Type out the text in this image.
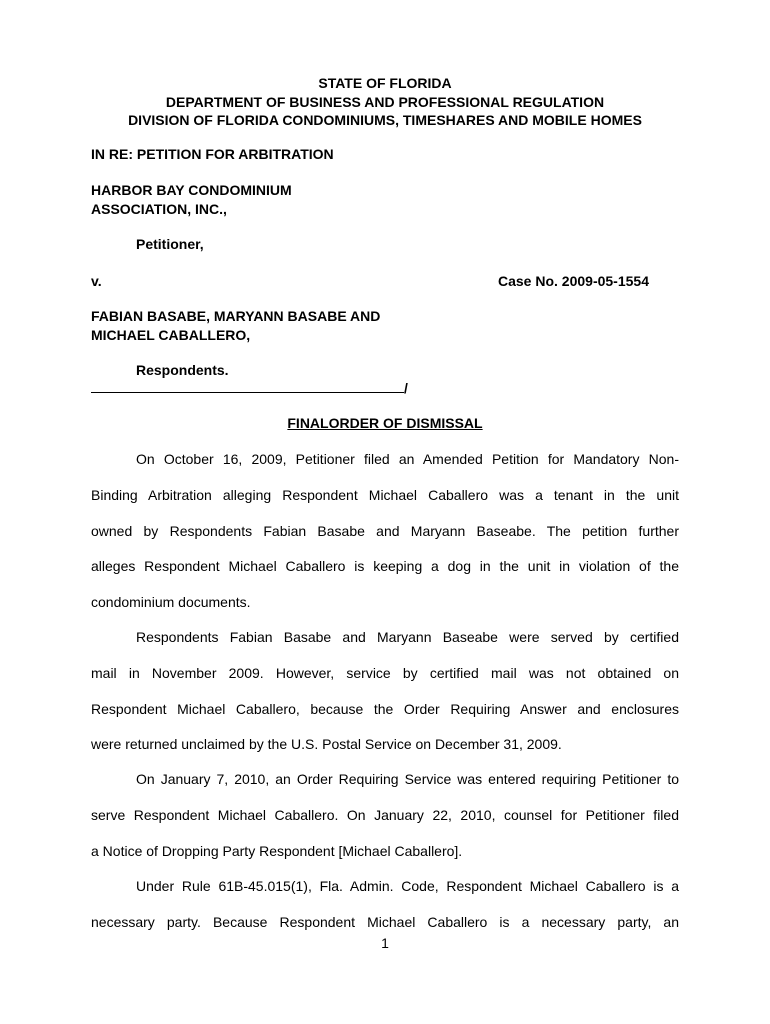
STATE OF FLORIDA
DEPARTMENT OF BUSINESS AND PROFESSIONAL REGULATION
DIVISION OF FLORIDA CONDOMINIUMS, TIMESHARES AND MOBILE HOMES
IN RE: PETITION FOR ARBITRATION
HARBOR BAY CONDOMINIUM
ASSOCIATION, INC.,
Petitioner,
v.	Case No. 2009-05-1554
FABIAN BASABE, MARYANN BASABE AND
MICHAEL CABALLERO,
Respondents.
/
FINALORDER OF DISMISSAL
On October 16, 2009, Petitioner filed an Amended Petition for Mandatory Non-
Binding Arbitration alleging Respondent Michael Caballero was a tenant in the unit
owned by Respondents Fabian Basabe and Maryann Baseabe. The petition further
alleges Respondent Michael Caballero is keeping a dog in the unit in violation of the
condominium documents.
Respondents Fabian Basabe and Maryann Baseabe were served by certified
mail in November 2009. However, service by certified mail was not obtained on
Respondent Michael Caballero, because the Order Requiring Answer and enclosures
were returned unclaimed by the U.S. Postal Service on December 31, 2009.
On January 7, 2010, an Order Requiring Service was entered requiring Petitioner to
serve Respondent Michael Caballero. On January 22, 2010, counsel for Petitioner filed
a Notice of Dropping Party Respondent [Michael Caballero].
Under Rule 61B-45.015(1), Fla. Admin. Code, Respondent Michael Caballero is a
necessary party. Because Respondent Michael Caballero is a necessary party, an
1
